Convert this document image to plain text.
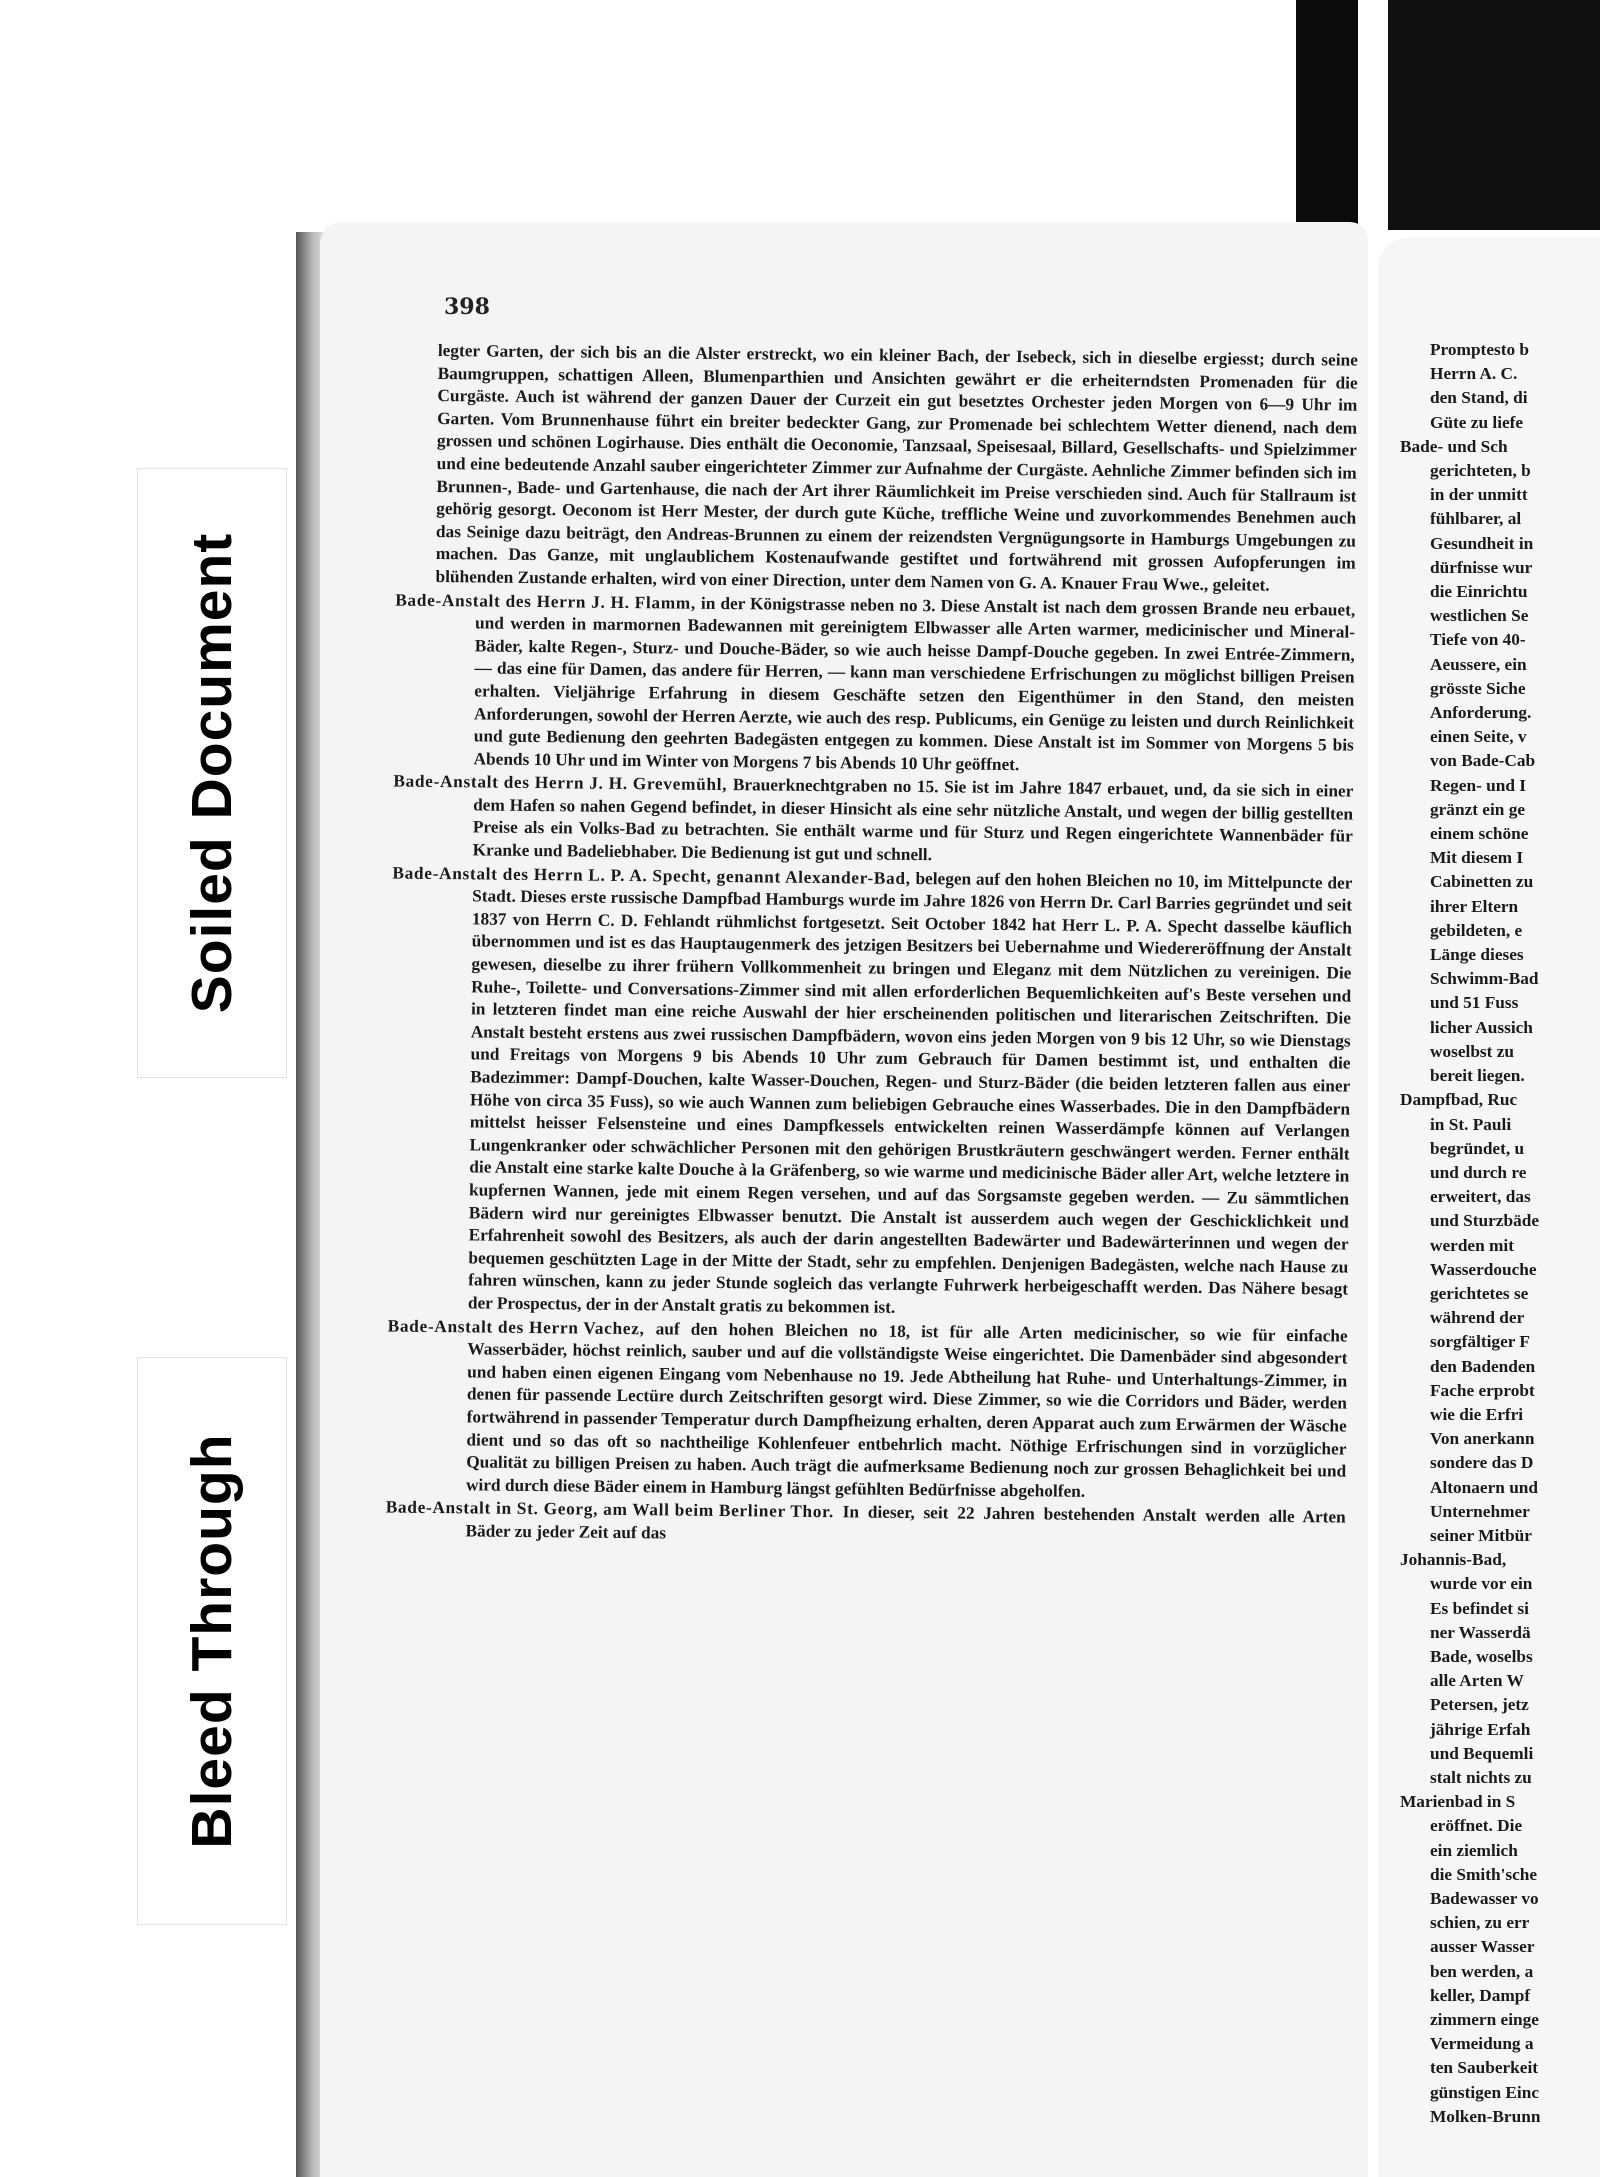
398

legter Garten, der sich bis an die Alster erstreckt, wo ein kleiner Bach, der Isebeck, sich in dieselbe ergiesst; durch seine Baumgruppen, schattigen Alleen, Blumenparthien und Ansichten gewährt er die erheiterndsten Promenaden für die Curgäste. Auch ist während der ganzen Dauer der Curzeit ein gut besetztes Orchester jeden Morgen von 6—9 Uhr im Garten. Vom Brunnenhause führt ein breiter bedeckter Gang, zur Promenade bei schlechtem Wetter dienend, nach dem grossen und schönen Logirhause. Dies enthält die Oeconomie, Tanzsaal, Speisesaal, Billard, Gesellschafts- und Spielzimmer und eine bedeutende Anzahl sauber eingerichteter Zimmer zur Aufnahme der Curgäste. Aehnliche Zimmer befinden sich im Brunnen-, Bade- und Gartenhause, die nach der Art ihrer Räumlichkeit im Preise verschieden sind. Auch für Stallraum ist gehörig gesorgt. Oeconom ist Herr Mester, der durch gute Küche, treffliche Weine und zuvorkommendes Benehmen auch das Seinige dazu beiträgt, den Andreas-Brunnen zu einem der reizendsten Vergnügungsorte in Hamburgs Umgebungen zu machen. Das Ganze, mit unglaublichem Kostenaufwande gestiftet und fortwährend mit grossen Aufopferungen im blühenden Zustande erhalten, wird von einer Direction, unter dem Namen von G. A. Knauer Frau Wwe., geleitet.

Bade-Anstalt des Herrn J. H. Flamm, in der Königstrasse neben no 3. Diese Anstalt ist nach dem grossen Brande neu erbauet, und werden in marmornen Badewannen mit gereinigtem Elbwasser alle Arten warmer, medicinischer und Mineral-Bäder, kalte Regen-, Sturz- und Douche-Bäder, so wie auch heisse Dampf-Douche gegeben. In zwei Entrée-Zimmern, — das eine für Damen, das andere für Herren, — kann man verschiedene Erfrischungen zu möglichst billigen Preisen erhalten. Vieljährige Erfahrung in diesem Geschäfte setzen den Eigenthümer in den Stand, den meisten Anforderungen, sowohl der Herren Aerzte, wie auch des resp. Publicums, ein Genüge zu leisten und durch Reinlichkeit und gute Bedienung den geehrten Badegästen entgegen zu kommen. Diese Anstalt ist im Sommer von Morgens 5 bis Abends 10 Uhr und im Winter von Morgens 7 bis Abends 10 Uhr geöffnet.

Bade-Anstalt des Herrn J. H. Grevemühl, Brauerknechtgraben no 15. Sie ist im Jahre 1847 erbauet, und, da sie sich in einer dem Hafen so nahen Gegend befindet, in dieser Hinsicht als eine sehr nützliche Anstalt, und wegen der billig gestellten Preise als ein Volks-Bad zu betrachten. Sie enthält warme und für Sturz und Regen eingerichtete Wannenbäder für Kranke und Badeliebhaber. Die Bedienung ist gut und schnell.

Bade-Anstalt des Herrn L. P. A. Specht, genannt Alexander-Bad, belegen auf den hohen Bleichen no 10, im Mittelpuncte der Stadt. Dieses erste russische Dampfbad Hamburgs wurde im Jahre 1826 von Herrn Dr. Carl Barries gegründet und seit 1837 von Herrn C. D. Fehlandt rühmlichst fortgesetzt. Seit October 1842 hat Herr L. P. A. Specht dasselbe käuflich übernommen und ist es das Hauptaugenmerk des jetzigen Besitzers bei Uebernahme und Wiedereröffnung der Anstalt gewesen, dieselbe zu ihrer frühern Vollkommenheit zu bringen und Eleganz mit dem Nützlichen zu vereinigen. Die Ruhe-, Toilette- und Conversations-Zimmer sind mit allen erforderlichen Bequemlichkeiten auf's Beste versehen und in letzteren findet man eine reiche Auswahl der hier erscheinenden politischen und literarischen Zeitschriften. Die Anstalt besteht erstens aus zwei russischen Dampfbädern, wovon eins jeden Morgen von 9 bis 12 Uhr, so wie Dienstags und Freitags von Morgens 9 bis Abends 10 Uhr zum Gebrauch für Damen bestimmt ist, und enthalten die Badezimmer: Dampf-Douchen, kalte Wasser-Douchen, Regen- und Sturz-Bäder (die beiden letzteren fallen aus einer Höhe von circa 35 Fuss), so wie auch Wannen zum beliebigen Gebrauche eines Wasserbades. Die in den Dampfbädern mittelst heisser Felsensteine und eines Dampfkessels entwickelten reinen Wasserdämpfe können auf Verlangen Lungenkranker oder schwächlicher Personen mit den gehörigen Brustkräutern geschwängert werden. Ferner enthält die Anstalt eine starke kalte Douche à la Gräfenberg, so wie warme und medicinische Bäder aller Art, welche letztere in kupfernen Wannen, jede mit einem Regen versehen, und auf das Sorgsamste gegeben werden. — Zu sämmtlichen Bädern wird nur gereinigtes Elbwasser benutzt. Die Anstalt ist ausserdem auch wegen der Geschicklichkeit und Erfahrenheit sowohl des Besitzers, als auch der darin angestellten Badewärter und Badewärterinnen und wegen der bequemen geschützten Lage in der Mitte der Stadt, sehr zu empfehlen. Denjenigen Badegästen, welche nach Hause zu fahren wünschen, kann zu jeder Stunde sogleich das verlangte Fuhrwerk herbeigeschafft werden. Das Nähere besagt der Prospectus, der in der Anstalt gratis zu bekommen ist.

Bade-Anstalt des Herrn Vachez, auf den hohen Bleichen no 18, ist für alle Arten medicinischer, so wie für einfache Wasserbäder, höchst reinlich, sauber und auf die vollständigste Weise eingerichtet. Die Damenbäder sind abgesondert und haben einen eigenen Eingang vom Nebenhause no 19. Jede Abtheilung hat Ruhe- und Unterhaltungs-Zimmer, in denen für passende Lectüre durch Zeitschriften gesorgt wird. Diese Zimmer, so wie die Corridors und Bäder, werden fortwährend in passender Temperatur durch Dampfheizung erhalten, deren Apparat auch zum Erwärmen der Wäsche dient und so das oft so nachtheilige Kohlenfeuer entbehrlich macht. Nöthige Erfrischungen sind in vorzüglicher Qualität zu billigen Preisen zu haben. Auch trägt die aufmerksame Bedienung noch zur grossen Behaglichkeit bei und wird durch diese Bäder einem in Hamburg längst gefühlten Bedürfnisse abgeholfen.

Bade-Anstalt in St. Georg, am Wall beim Berliner Thor. In dieser, seit 22 Jahren bestehenden Anstalt werden alle Arten Bäder zu jeder Zeit auf das

Promptesto b
Herrn A. C.
den Stand, di
Güte zu liefe
Bade- und Sch
gerichteten, b
in der unmitt
fühlbarer, al
Gesundheit in
dürfnisse wur
die Einrichtu
westlichen Se
Tiefe von 40-
Aeussere, ein
grösste Siche
Anforderung.
einen Seite, v
von Bade-Cab
Regen- und I
gränzt ein ge
einem schöne
Mit diesem I
Cabinetten zu
ihrer Eltern
gebildeten, e
Länge dieses
Schwimm-Bad
und 51 Fuss
licher Aussich
woselbst zu
bereit liegen.
Dampfbad, Ruc
in St. Pauli
begründet, u
und durch re
erweitert, das
und Sturzbäde
werden mit
Wasserdouche
gerichtetes se
während der
sorgfältiger F
den Badenden
Fache erprobt
wie die Erfri
Von anerkann
sondere das D
Altonaern und
Unternehmer
seiner Mitbür
Johannis-Bad,
wurde vor ein
Es befindet si
ner Wasserdä
Bade, woselbs
alle Arten W
Petersen, jetz
jährige Erfah
und Bequemli
stalt nichts zu
Marienbad in S
eröffnet. Die
ein ziemlich
die Smith'sche
Badewasser vo
schien, zu err
ausser Wasser
ben werden, a
keller, Dampf
zimmern einge
Vermeidung a
ten Sauberkeit
günstigen Einc
Molken-Brunn
Soiled Document
Bleed Through
